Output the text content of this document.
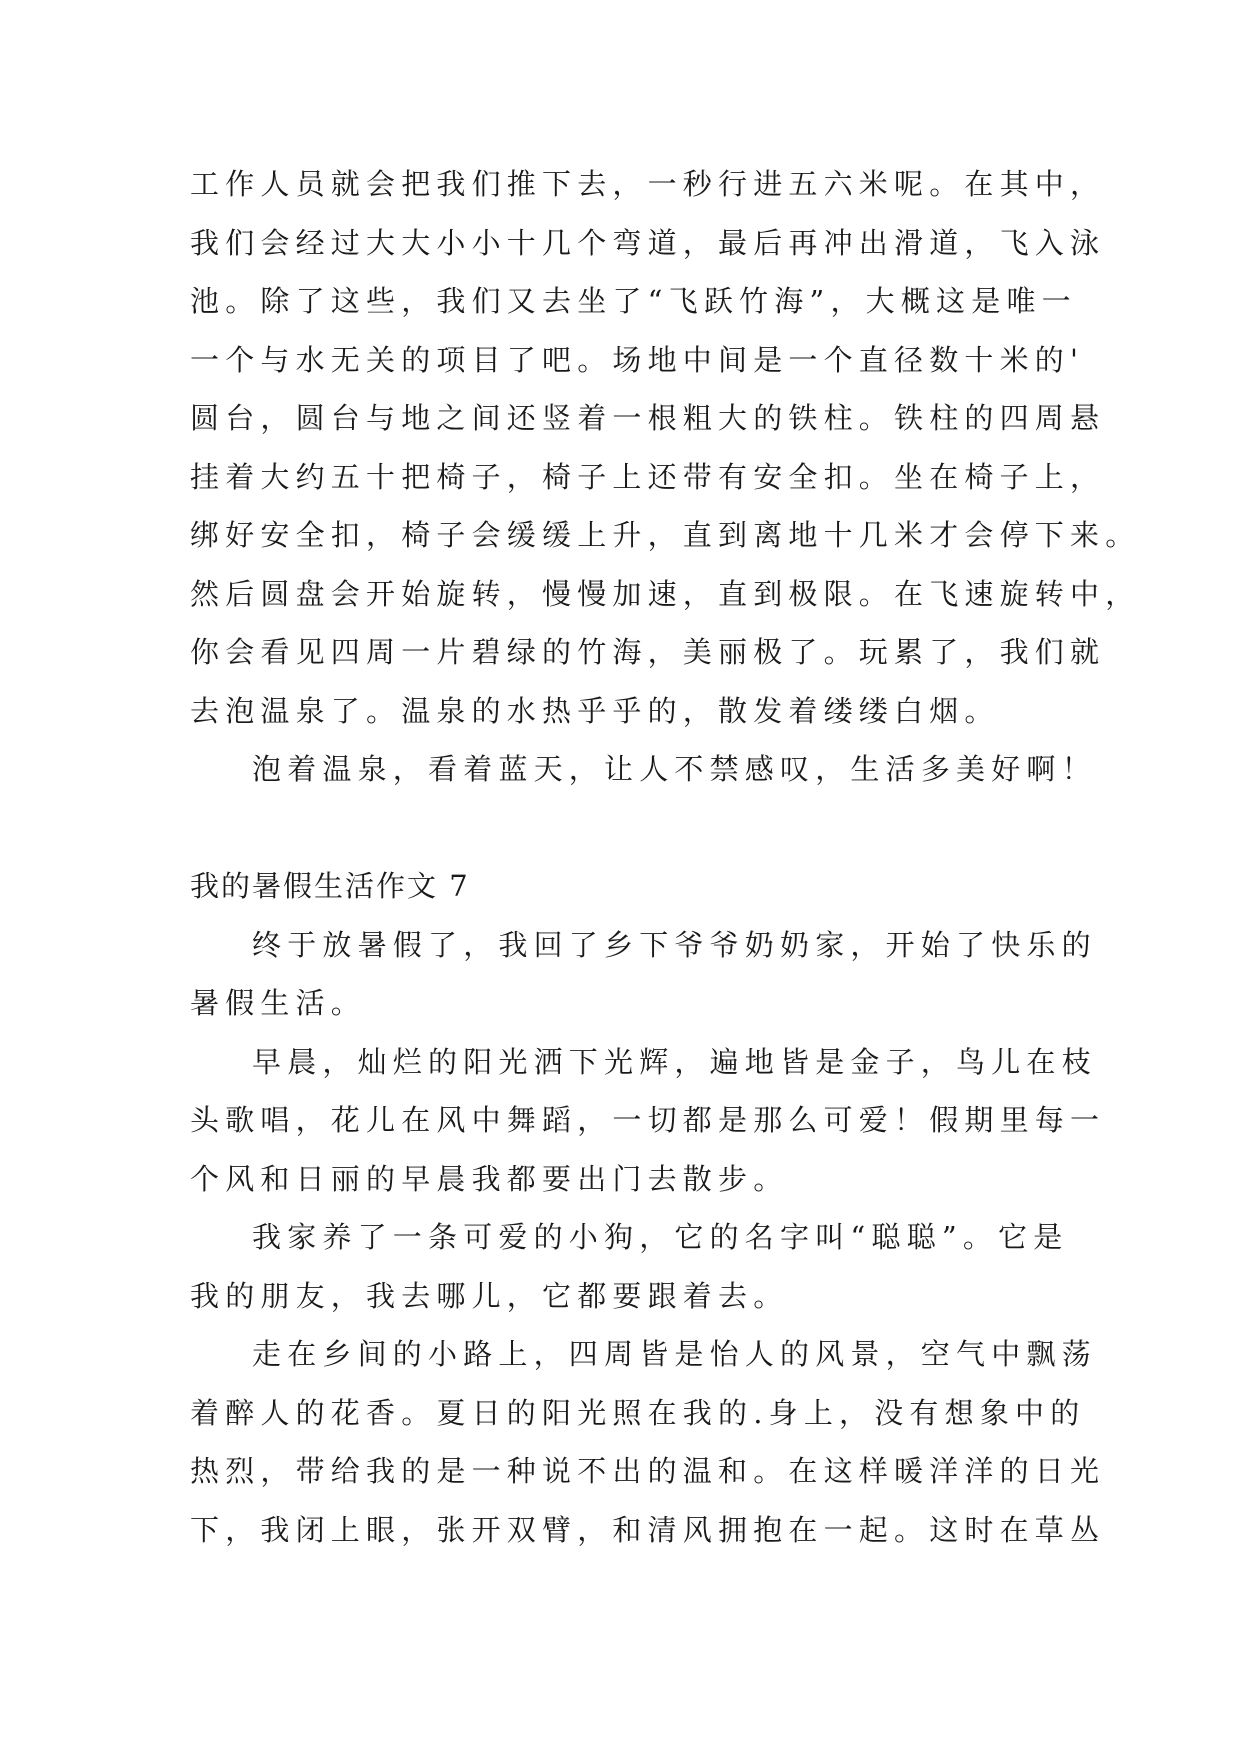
工作人员就会把我们推下去，一秒行进五六米呢。在其中，
我们会经过大大小小十几个弯道，最后再冲出滑道，飞入泳
池。除了这些，我们又去坐了“飞跃竹海”，大概这是唯一
一个与水无关的项目了吧。场地中间是一个直径数十米的'
圆台，圆台与地之间还竖着一根粗大的铁柱。铁柱的四周悬
挂着大约五十把椅子，椅子上还带有安全扣。坐在椅子上，
绑好安全扣，椅子会缓缓上升，直到离地十几米才会停下来。
然后圆盘会开始旋转，慢慢加速，直到极限。在飞速旋转中，
你会看见四周一片碧绿的竹海，美丽极了。玩累了，我们就
去泡温泉了。温泉的水热乎乎的，散发着缕缕白烟。
泡着温泉，看着蓝天，让人不禁感叹，生活多美好啊！
我的暑假生活作文 7
终于放暑假了，我回了乡下爷爷奶奶家，开始了快乐的
暑假生活。
早晨，灿烂的阳光洒下光辉，遍地皆是金子，鸟儿在枝
头歌唱，花儿在风中舞蹈，一切都是那么可爱！假期里每一
个风和日丽的早晨我都要出门去散步。
我家养了一条可爱的小狗，它的名字叫“聪聪”。它是
我的朋友，我去哪儿，它都要跟着去。
走在乡间的小路上，四周皆是怡人的风景，空气中飘荡
着醉人的花香。夏日的阳光照在我的.身上，没有想象中的
热烈，带给我的是一种说不出的温和。在这样暖洋洋的日光
下，我闭上眼，张开双臂，和清风拥抱在一起。这时在草丛
